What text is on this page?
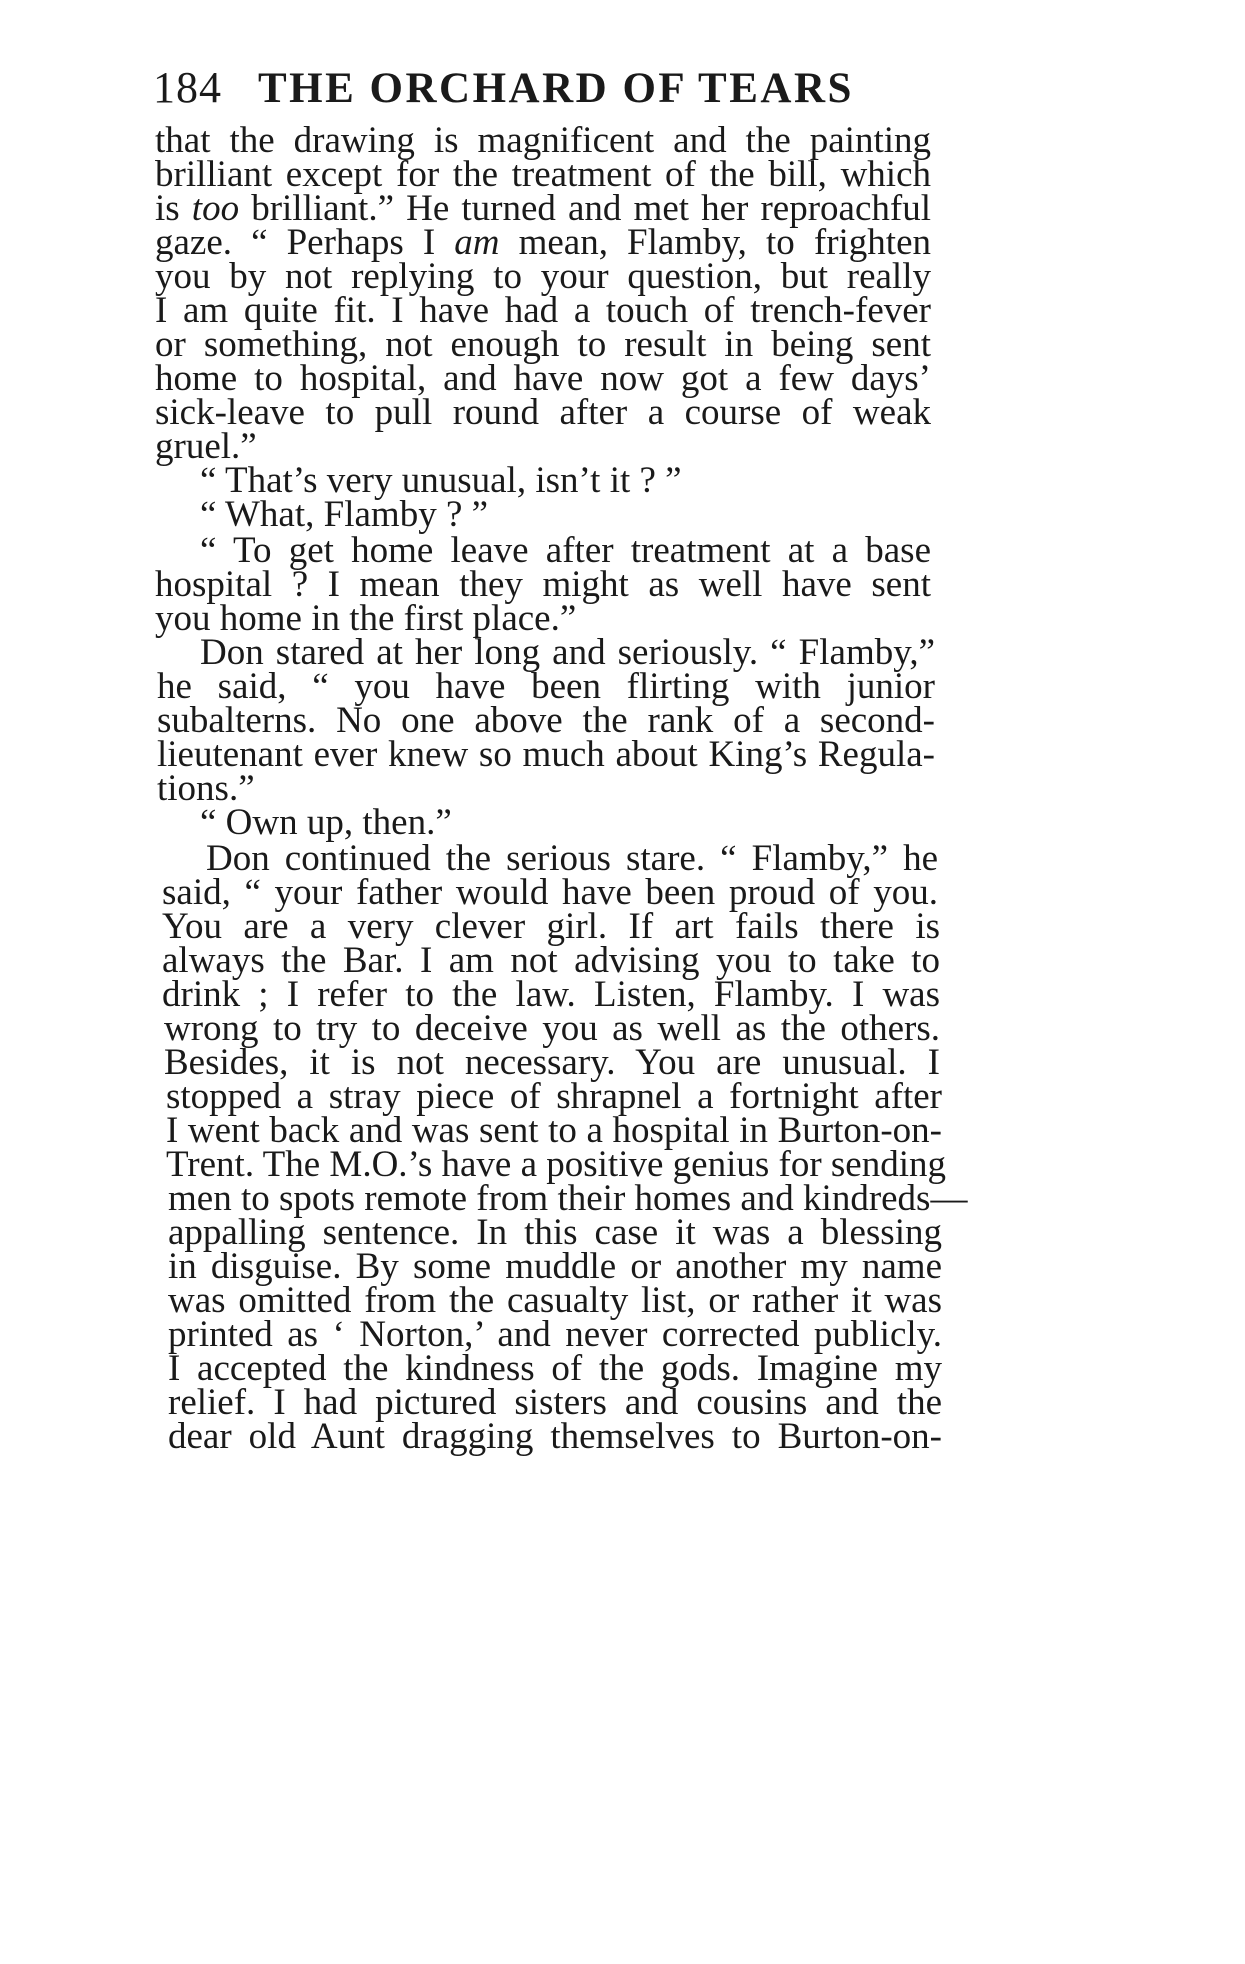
184 THE ORCHARD OF TEARS
that the drawing is magnificent and the painting
brilliant except for the treatment of the bill, which
is too brilliant.” He turned and met her reproachful
gaze. “ Perhaps I am mean, Flamby, to frighten
you by not replying to your question, but really
I am quite fit. I have had a touch of trench-fever
or something, not enough to result in being sent
home to hospital, and have now got a few days’
sick-leave to pull round after a course of weak
gruel.”
“ That’s very unusual, isn’t it ? ”
“ What, Flamby ? ”
“ To get home leave after treatment at a base
hospital ? I mean they might as well have sent
you home in the first place.”
Don stared at her long and seriously. “ Flamby,”
he said, “ you have been flirting with junior
subalterns. No one above the rank of a second-
lieutenant ever knew so much about King’s Regula-
tions.”
“ Own up, then.”
Don continued the serious stare. “ Flamby,” he
said, “ your father would have been proud of you.
You are a very clever girl. If art fails there is
always the Bar. I am not advising you to take to
drink ; I refer to the law. Listen, Flamby. I was
wrong to try to deceive you as well as the others.
Besides, it is not necessary. You are unusual. I
stopped a stray piece of shrapnel a fortnight after
I went back and was sent to a hospital in Burton-on-
Trent. The M.O.’s have a positive genius for sending
men to spots remote from their homes and kindreds—
appalling sentence. In this case it was a blessing
in disguise. By some muddle or another my name
was omitted from the casualty list, or rather it was
printed as ‘ Norton,’ and never corrected publicly.
I accepted the kindness of the gods. Imagine my
relief. I had pictured sisters and cousins and the
dear old Aunt dragging themselves to Burton-on-
